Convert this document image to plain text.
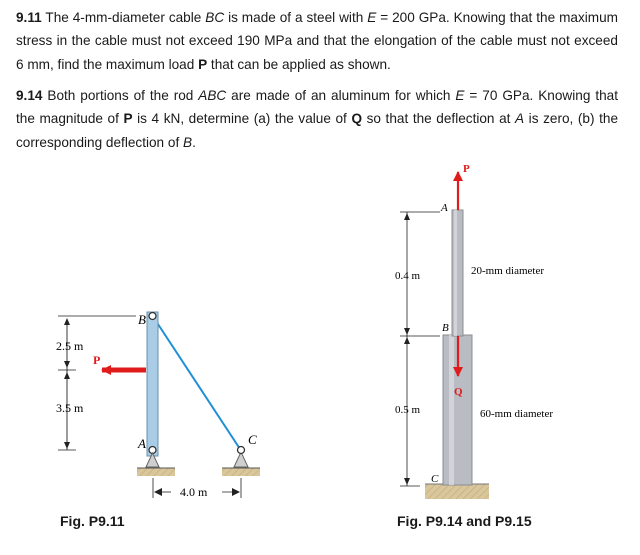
9.11 The 4-mm-diameter cable BC is made of a steel with E = 200 GPa. Knowing that the maximum stress in the cable must not exceed 190 MPa and that the elongation of the cable must not exceed 6 mm, find the maximum load P that can be applied as shown.

9.14 Both portions of the rod ABC are made of an aluminum for which E = 70 GPa. Knowing that the magnitude of P is 4 kN, determine (a) the value of Q so that the deflection at A is zero, (b) the corresponding deflection of B.

B
A	C
P
2.5 m
3.5 m
4.0 m
A
B
C
P
Q
0.4 m
0.5 m
20-mm diameter
60-mm diameter
Fig. P9.11	Fig. P9.14 and P9.15
